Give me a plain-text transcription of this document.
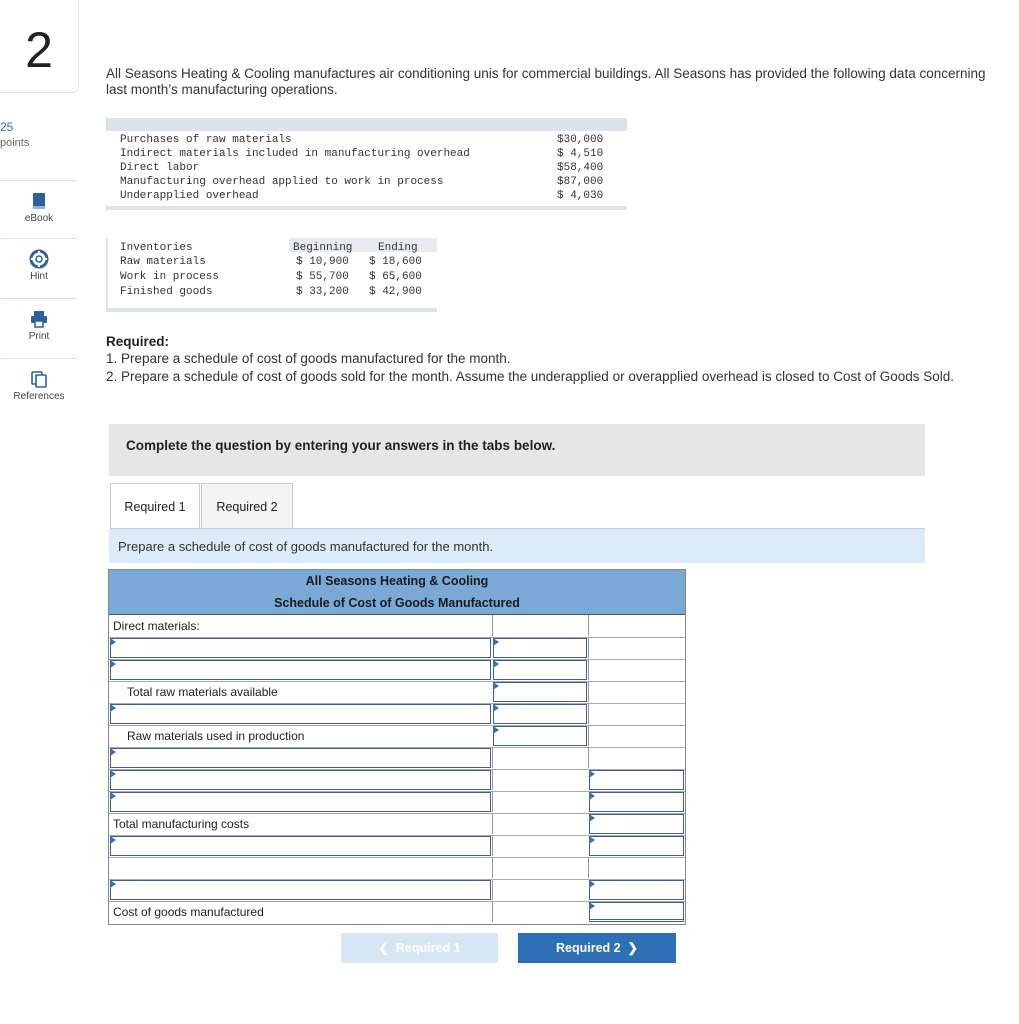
2
25
points
eBook
Hint
Print
References
All Seasons Heating & Cooling manufactures air conditioning unis for commercial buildings. All Seasons has provided the following data concerning last month’s manufacturing operations.
Purchases of raw materials	$30,000
Indirect materials included in manufacturing overhead	$ 4,510
Direct labor	$58,400
Manufacturing overhead applied to work in process	$87,000
Underapplied overhead	$ 4,030
Inventories	Beginning Ending
Raw materials	$ 10,900 $ 18,600
Work in process	$ 55,700 $ 65,600
Finished goods	$ 33,200 $ 42,900
Required:
1. Prepare a schedule of cost of goods manufactured for the month.
2. Prepare a schedule of cost of goods sold for the month. Assume the underapplied or overapplied overhead is closed to Cost of Goods Sold.
Complete the question by entering your answers in the tabs below.
Required 1	Required 2
Prepare a schedule of cost of goods manufactured for the month.
All Seasons Heating & Cooling
Schedule of Cost of Goods Manufactured
Direct materials:
Total raw materials available
Raw materials used in production
Total manufacturing costs
Cost of goods manufactured
❮  Required 1	Required 2  ❯
